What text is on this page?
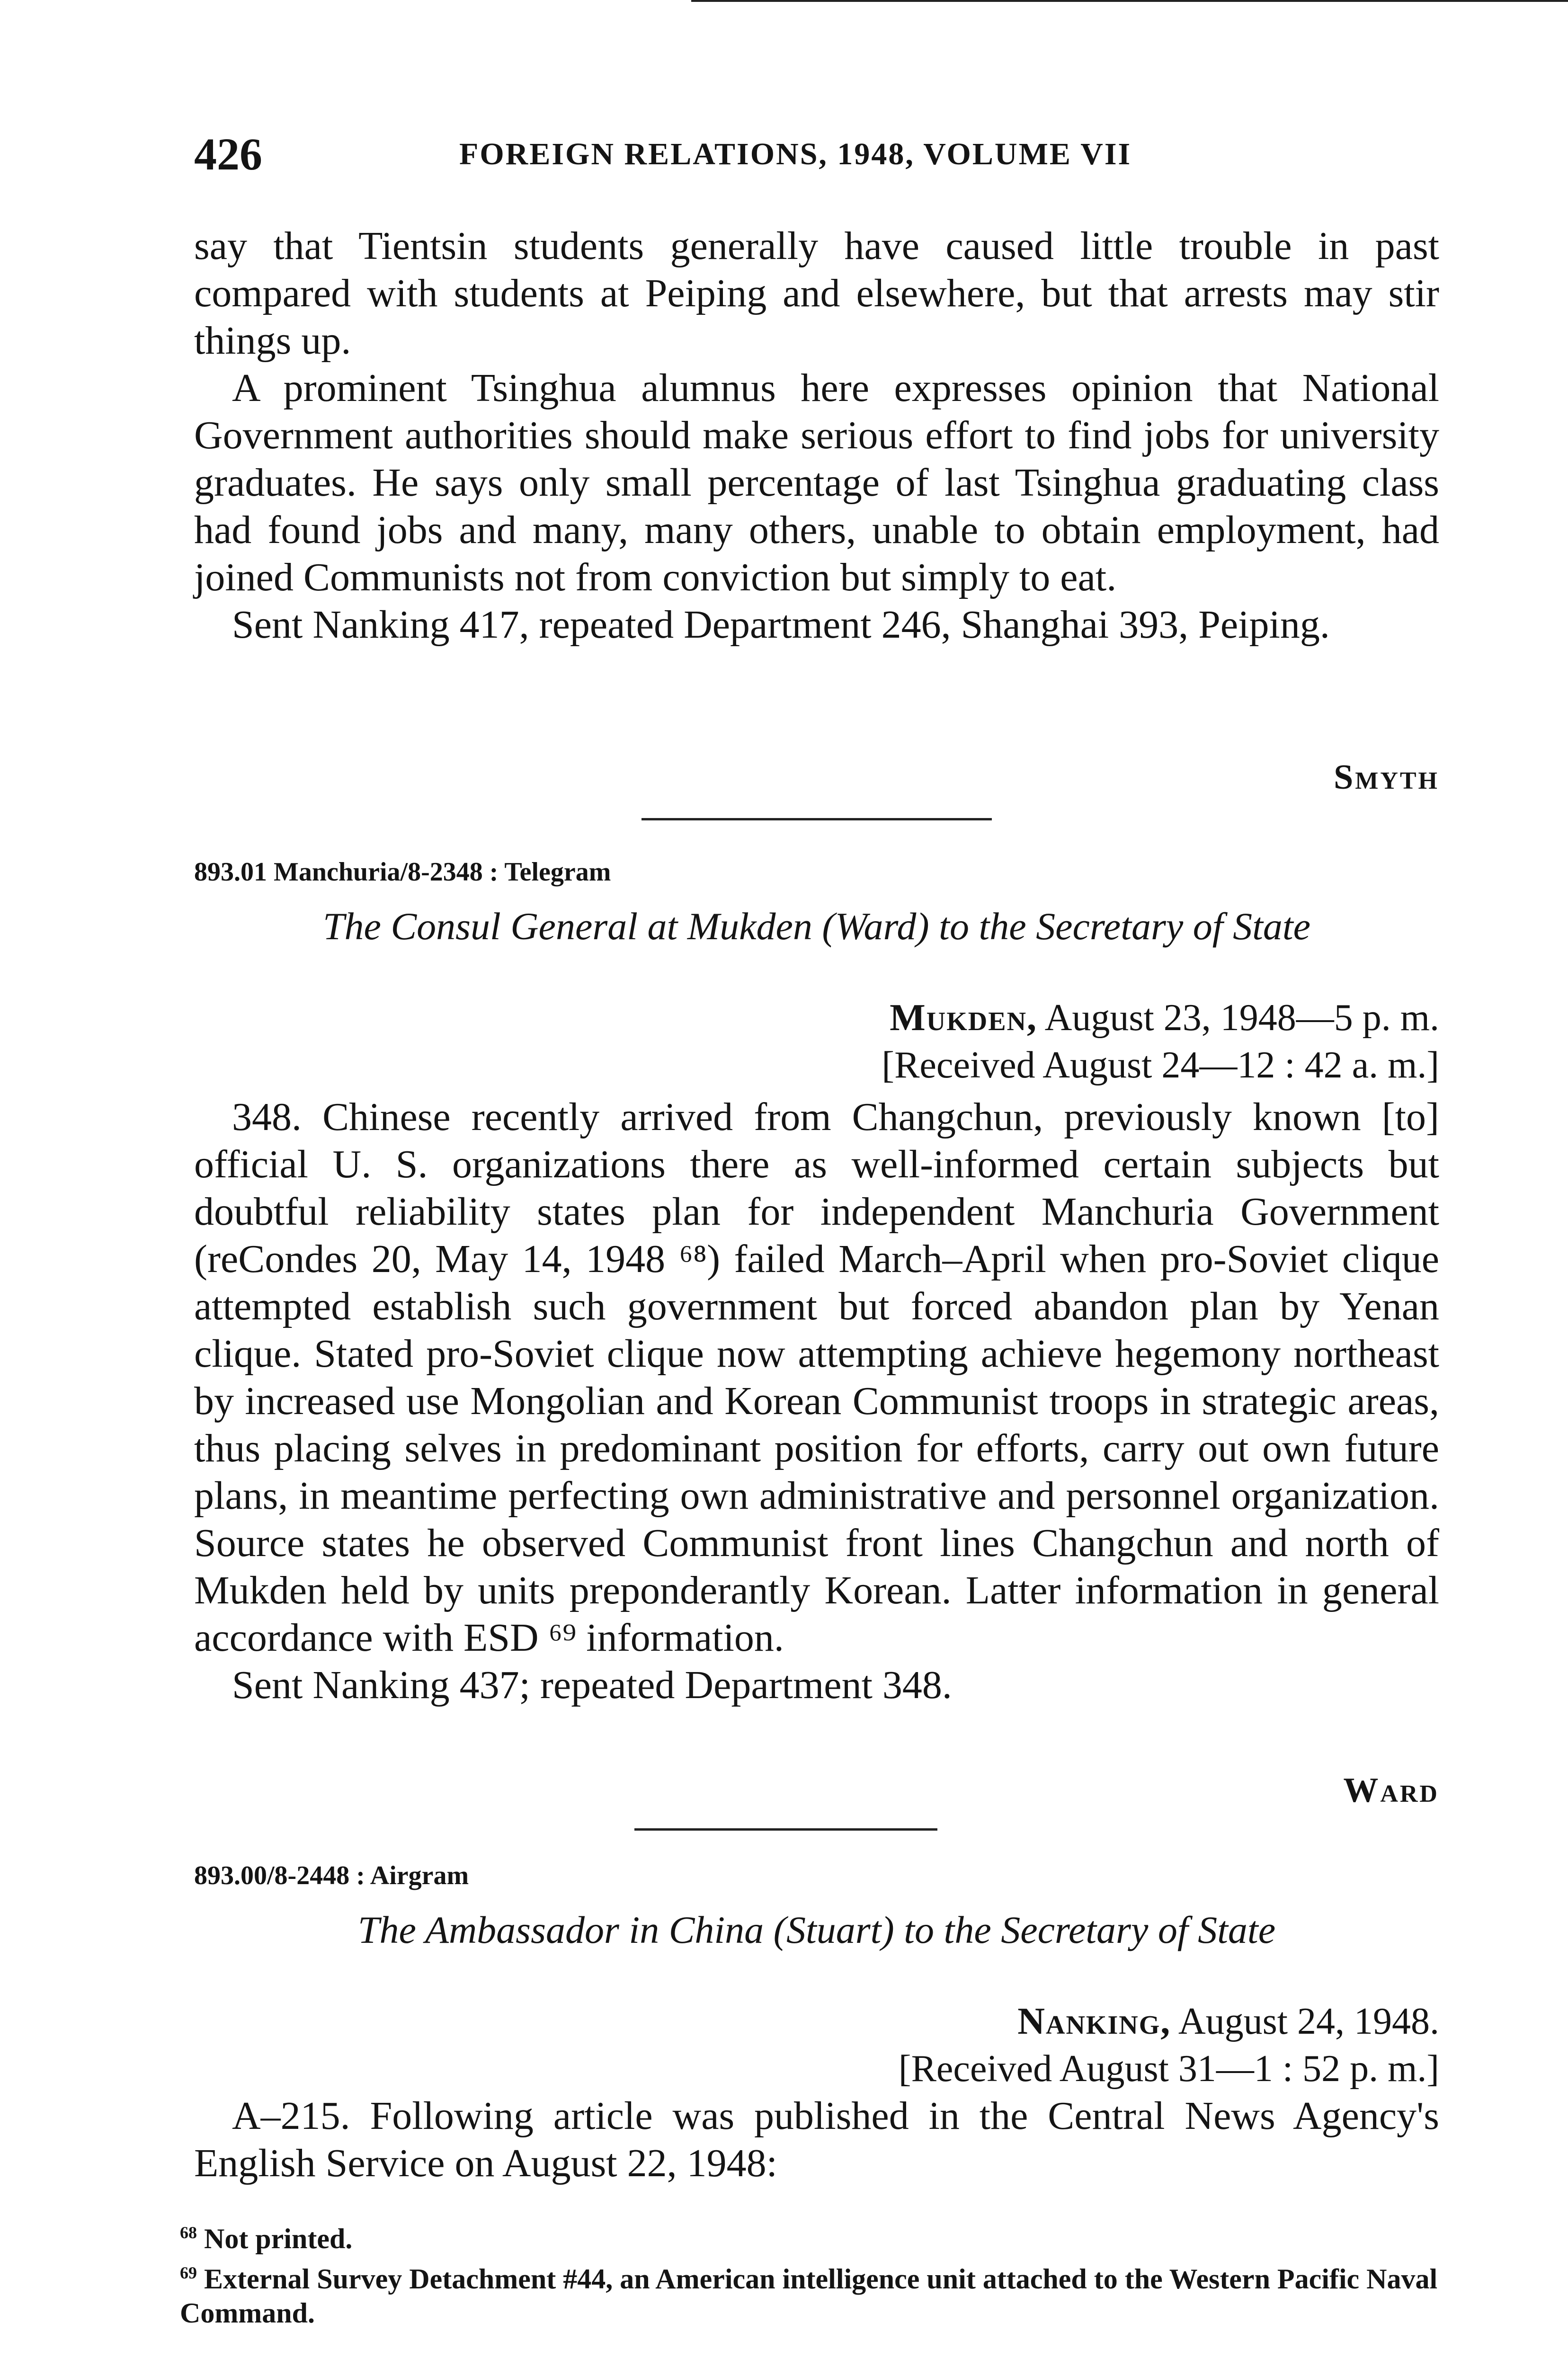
426	FOREIGN RELATIONS, 1948, VOLUME VII

say that Tientsin students generally have caused little trouble in past compared with students at Peiping and elsewhere, but that arrests may stir things up.

A prominent Tsinghua alumnus here expresses opinion that National Government authorities should make serious effort to find jobs for university graduates. He says only small percentage of last Tsinghua graduating class had found jobs and many, many others, unable to obtain employment, had joined Communists not from conviction but simply to eat.

Sent Nanking 417, repeated Department 246, Shanghai 393, Peiping.

Smyth
893.01 Manchuria/8-2348 : Telegram
The Consul General at Mukden (Ward) to the Secretary of State
Mukden, August 23, 1948—5 p. m.
[Received August 24—12 : 42 a. m.]

348. Chinese recently arrived from Changchun, previously known [to] official U. S. organizations there as well-informed certain subjects but doubtful reliability states plan for independent Manchuria Government (reCondes 20, May 14, 1948 ⁶⁸) failed March–April when pro-Soviet clique attempted establish such government but forced abandon plan by Yenan clique. Stated pro-Soviet clique now attempting achieve hegemony northeast by increased use Mongolian and Korean Communist troops in strategic areas, thus placing selves in predominant position for efforts, carry out own future plans, in meantime perfecting own administrative and personnel organization. Source states he observed Communist front lines Changchun and north of Mukden held by units preponderantly Korean. Latter information in general accordance with ESD ⁶⁹ information.

Sent Nanking 437; repeated Department 348.

Ward
893.00/8-2448 : Airgram
The Ambassador in China (Stuart) to the Secretary of State
Nanking, August 24, 1948.
[Received August 31—1 : 52 p. m.]

A–215. Following article was published in the Central News Agency's English Service on August 22, 1948:

$^{68}$ Not printed.
$^{69}$ External Survey Detachment #44, an American intelligence unit attached to the Western Pacific Naval Command.
